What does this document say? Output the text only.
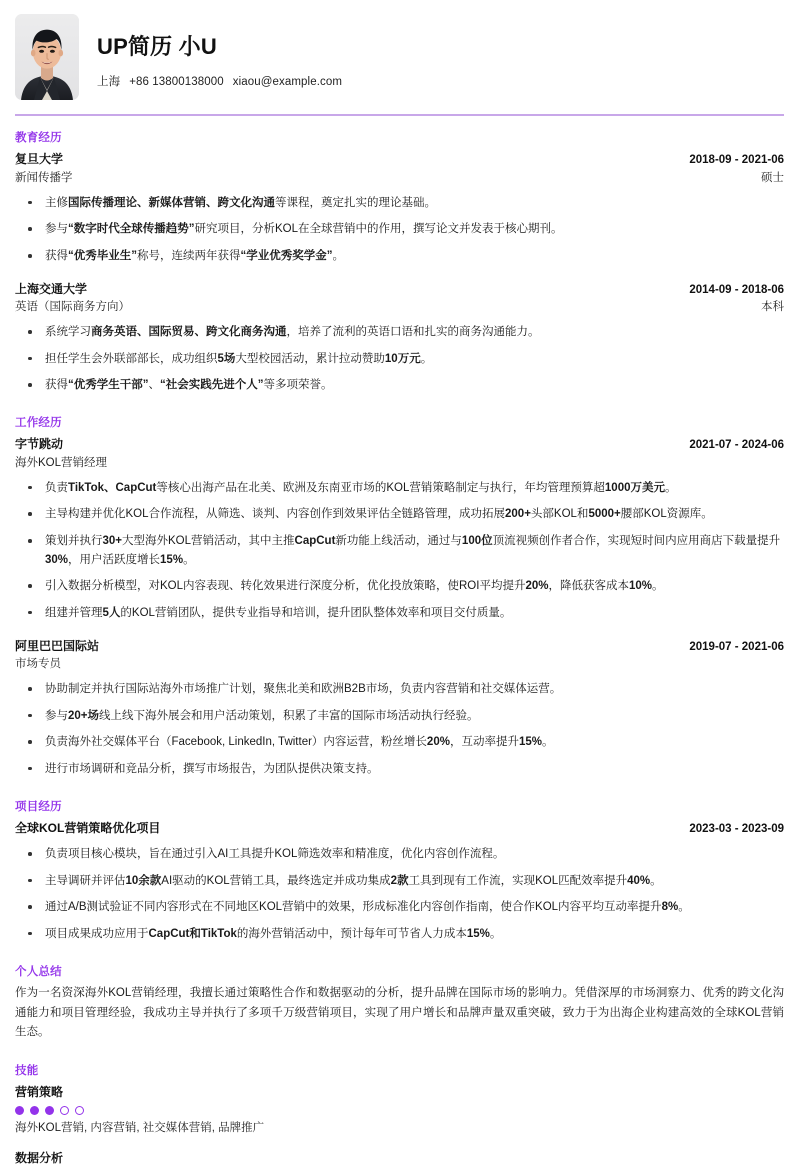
UP简历 小U
上海 +86 13800138000 xiaou@example.com
教育经历
复旦大学	2018-09 - 2021-06
新闻传播学	硕士
主修国际传播理论、新媒体营销、跨文化沟通等课程，奠定扎实的理论基础。
参与“数字时代全球传播趋势”研究项目，分析KOL在全球营销中的作用，撰写论文并发表于核心期刊。
获得“优秀毕业生”称号，连续两年获得“学业优秀奖学金”。
上海交通大学	2014-09 - 2018-06
英语（国际商务方向）	本科
系统学习商务英语、国际贸易、跨文化商务沟通，培养了流利的英语口语和扎实的商务沟通能力。
担任学生会外联部部长，成功组织5场大型校园活动，累计拉动赞助10万元。
获得“优秀学生干部”、“社会实践先进个人”等多项荣誉。
工作经历
字节跳动	2021-07 - 2024-06
海外KOL营销经理
负责TikTok、CapCut等核心出海产品在北美、欧洲及东南亚市场的KOL营销策略制定与执行，年均管理预算超1000万美元。
主导构建并优化KOL合作流程，从筛选、谈判、内容创作到效果评估全链路管理，成功拓展200+头部KOL和5000+腰部KOL资源库。
策划并执行30+大型海外KOL营销活动，其中主推CapCut新功能上线活动，通过与100位顶流视频创作者合作，实现短时间内应用商店下载量提升30%，用户活跃度增长15%。
引入数据分析模型，对KOL内容表现、转化效果进行深度分析，优化投放策略，使ROI平均提升20%，降低获客成本10%。
组建并管理5人的KOL营销团队，提供专业指导和培训，提升团队整体效率和项目交付质量。
阿里巴巴国际站	2019-07 - 2021-06
市场专员
协助制定并执行国际站海外市场推广计划，聚焦北美和欧洲B2B市场，负责内容营销和社交媒体运营。
参与20+场线上线下海外展会和用户活动策划，积累了丰富的国际市场活动执行经验。
负责海外社交媒体平台（Facebook, LinkedIn, Twitter）内容运营，粉丝增长20%，互动率提升15%。
进行市场调研和竞品分析，撰写市场报告，为团队提供决策支持。
项目经历
全球KOL营销策略优化项目	2023-03 - 2023-09
负责项目核心模块，旨在通过引入AI工具提升KOL筛选效率和精准度，优化内容创作流程。
主导调研并评估10余款AI驱动的KOL营销工具，最终选定并成功集成2款工具到现有工作流，实现KOL匹配效率提升40%。
通过A/B测试验证不同内容形式在不同地区KOL营销中的效果，形成标准化内容创作指南，使合作KOL内容平均互动率提升8%。
项目成果成功应用于CapCut和TikTok的海外营销活动中，预计每年可节省人力成本15%。
个人总结
作为一名资深海外KOL营销经理，我擅长通过策略性合作和数据驱动的分析，提升品牌在国际市场的影响力。凭借深厚的市场洞察力、优秀的跨文化沟通能力和项目管理经验，我成功主导并执行了多项千万级营销项目，实现了用户增长和品牌声量双重突破，致力于为出海企业构建高效的全球KOL营销生态。
技能
营销策略
海外KOL营销, 内容营销, 社交媒体营销, 品牌推广
数据分析
